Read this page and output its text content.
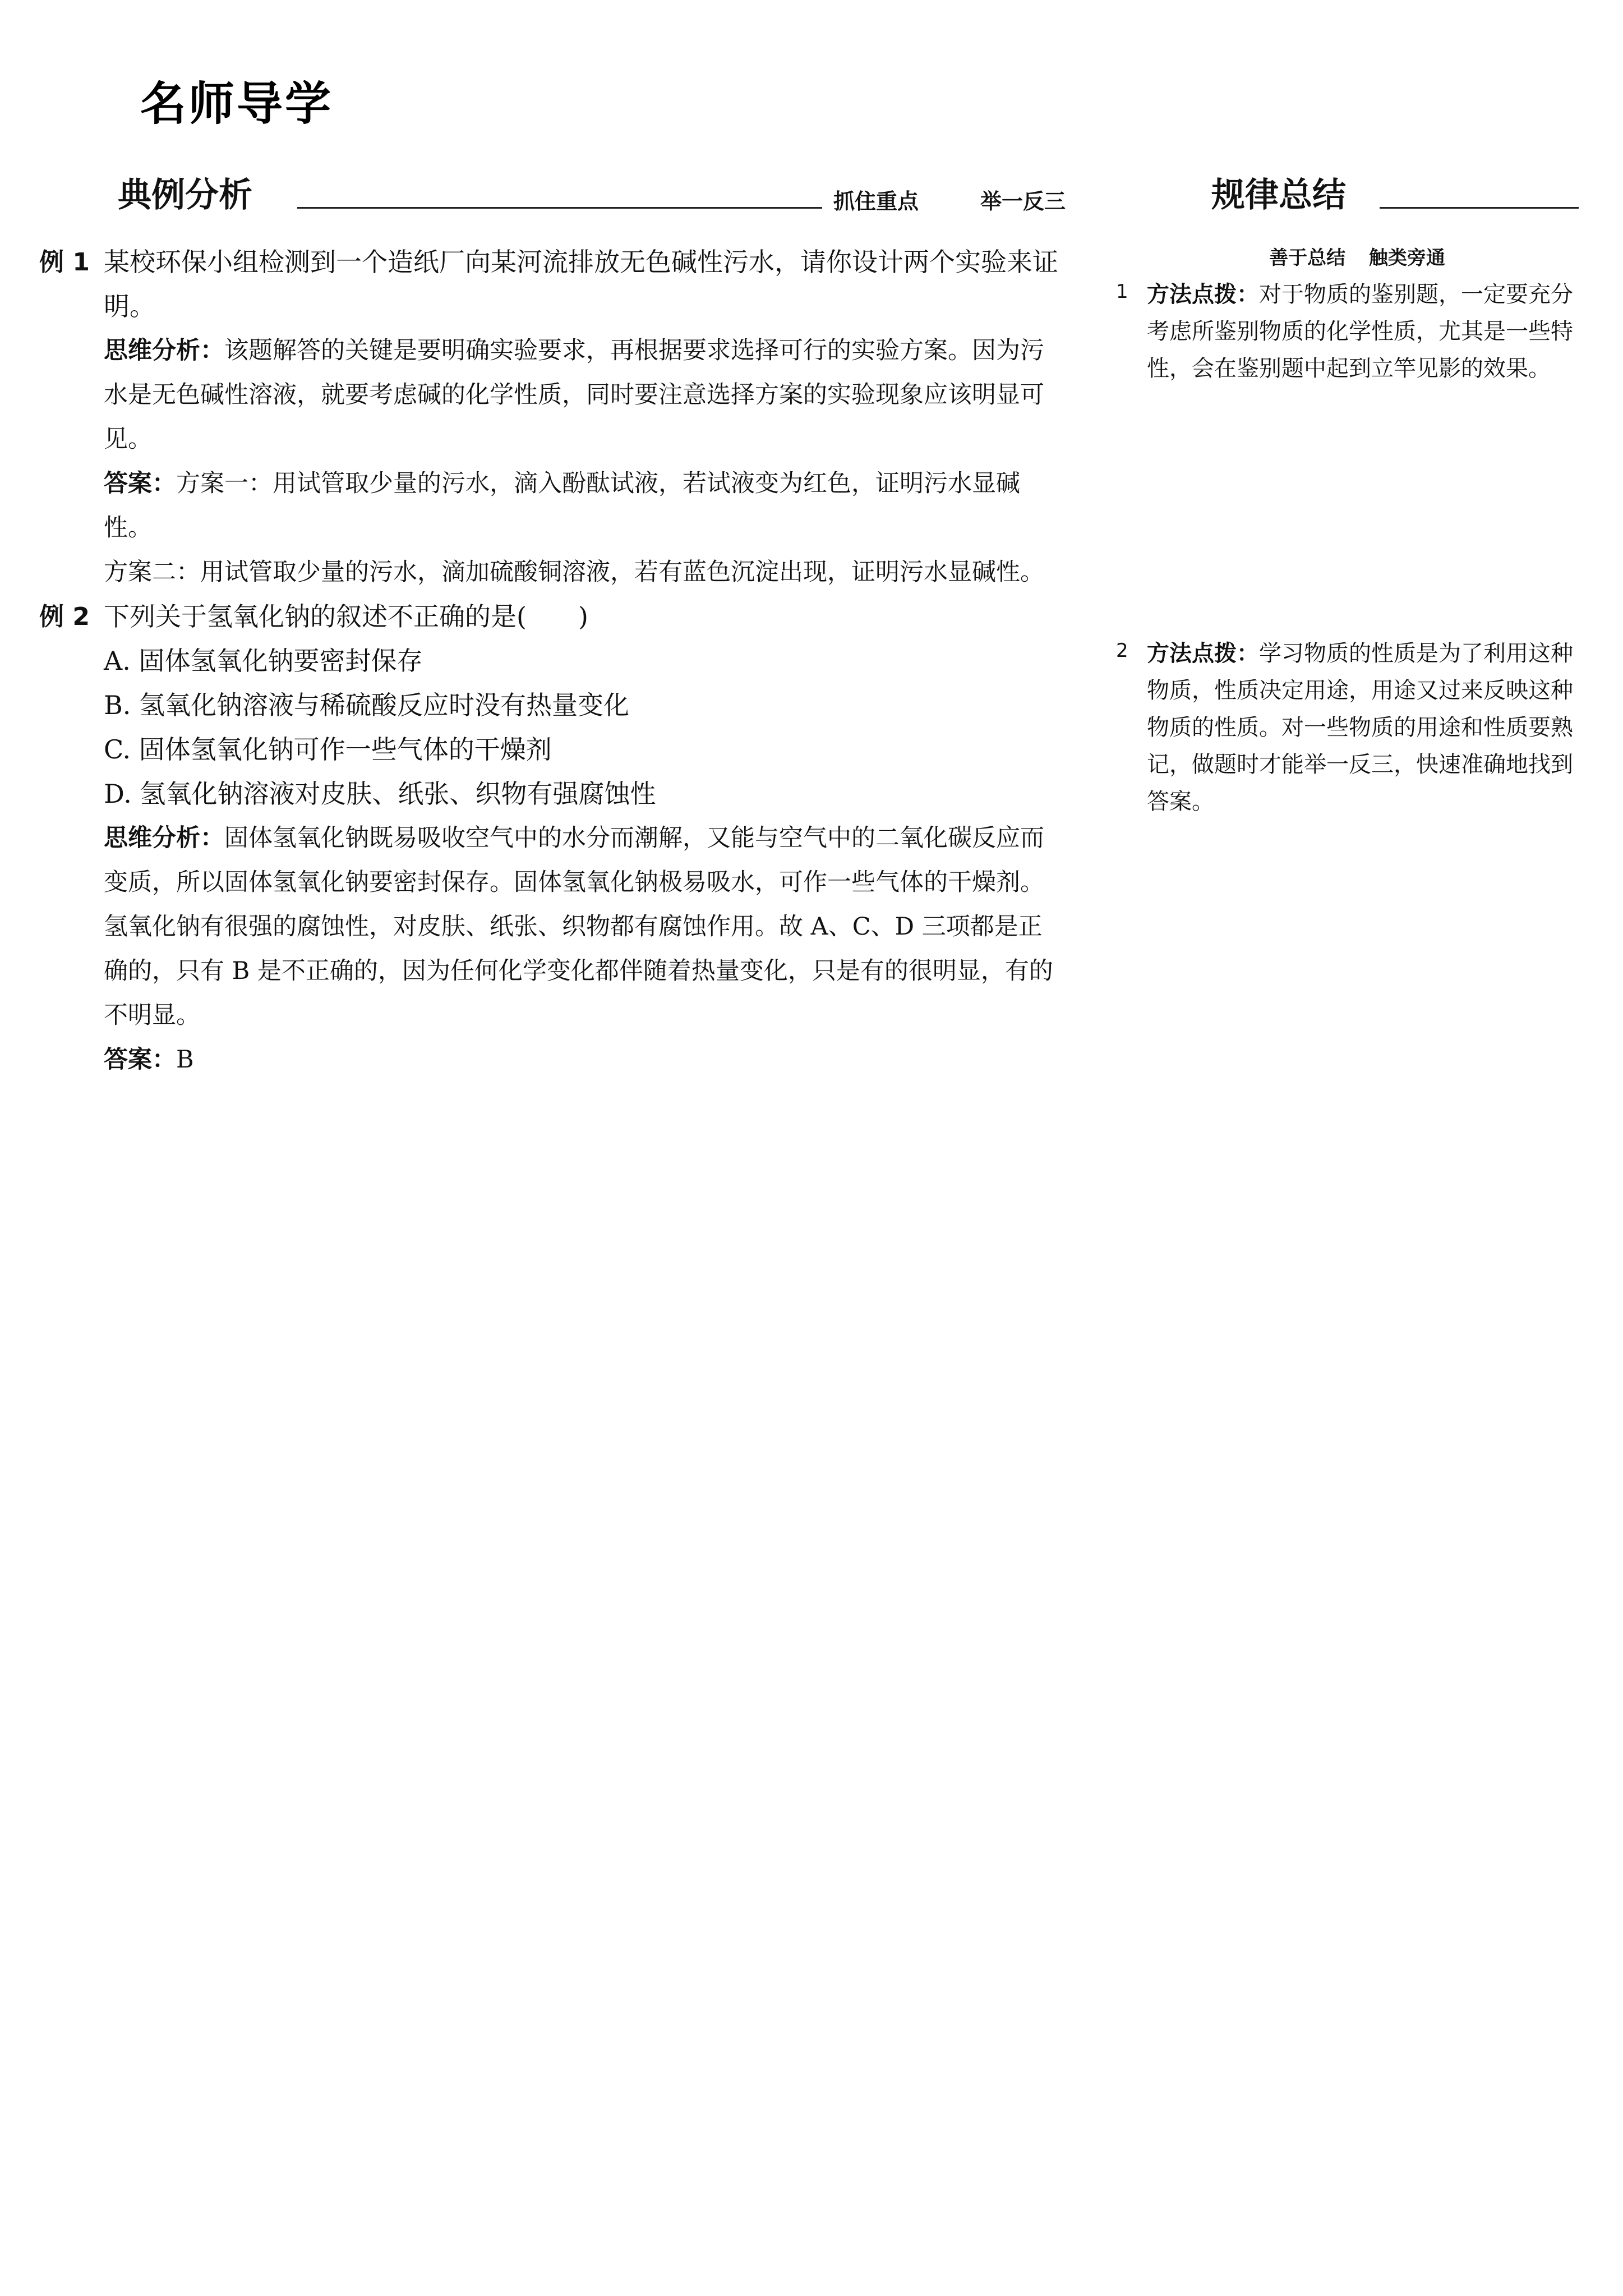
名师导学
典例分析	抓住重点	举一反三	规律总结
善于总结 触类旁通
例 1 某校环保小组检测到一个造纸厂向某河流排放无色碱性污水，请你设计两个实验来证明。
思维分析：该题解答的关键是要明确实验要求，再根据要求选择可行的实验方案。因为污水是无色碱性溶液，就要考虑碱的化学性质，同时要注意选择方案的实验现象应该明显可见。
答案：方案一：用试管取少量的污水，滴入酚酞试液，若试液变为红色，证明污水显碱性。
方案二：用试管取少量的污水，滴加硫酸铜溶液，若有蓝色沉淀出现，证明污水显碱性。
例 2 下列关于氢氧化钠的叙述不正确的是(　　)
A. 固体氢氧化钠要密封保存
B. 氢氧化钠溶液与稀硫酸反应时没有热量变化
C. 固体氢氧化钠可作一些气体的干燥剂
D. 氢氧化钠溶液对皮肤、纸张、织物有强腐蚀性
思维分析：固体氢氧化钠既易吸收空气中的水分而潮解，又能与空气中的二氧化碳反应而变质，所以固体氢氧化钠要密封保存。固体氢氧化钠极易吸水，可作一些气体的干燥剂。氢氧化钠有很强的腐蚀性，对皮肤、纸张、织物都有腐蚀作用。故 A、C、D 三项都是正确的，只有 B 是不正确的，因为任何化学变化都伴随着热量变化，只是有的很明显，有的不明显。
答案：B
1 方法点拨：对于物质的鉴别题，一定要充分考虑所鉴别物质的化学性质，尤其是一些特性，会在鉴别题中起到立竿见影的效果。
2 方法点拨：学习物质的性质是为了利用这种物质，性质决定用途，用途又过来反映这种物质的性质。对一些物质的用途和性质要熟记，做题时才能举一反三，快速准确地找到答案。
